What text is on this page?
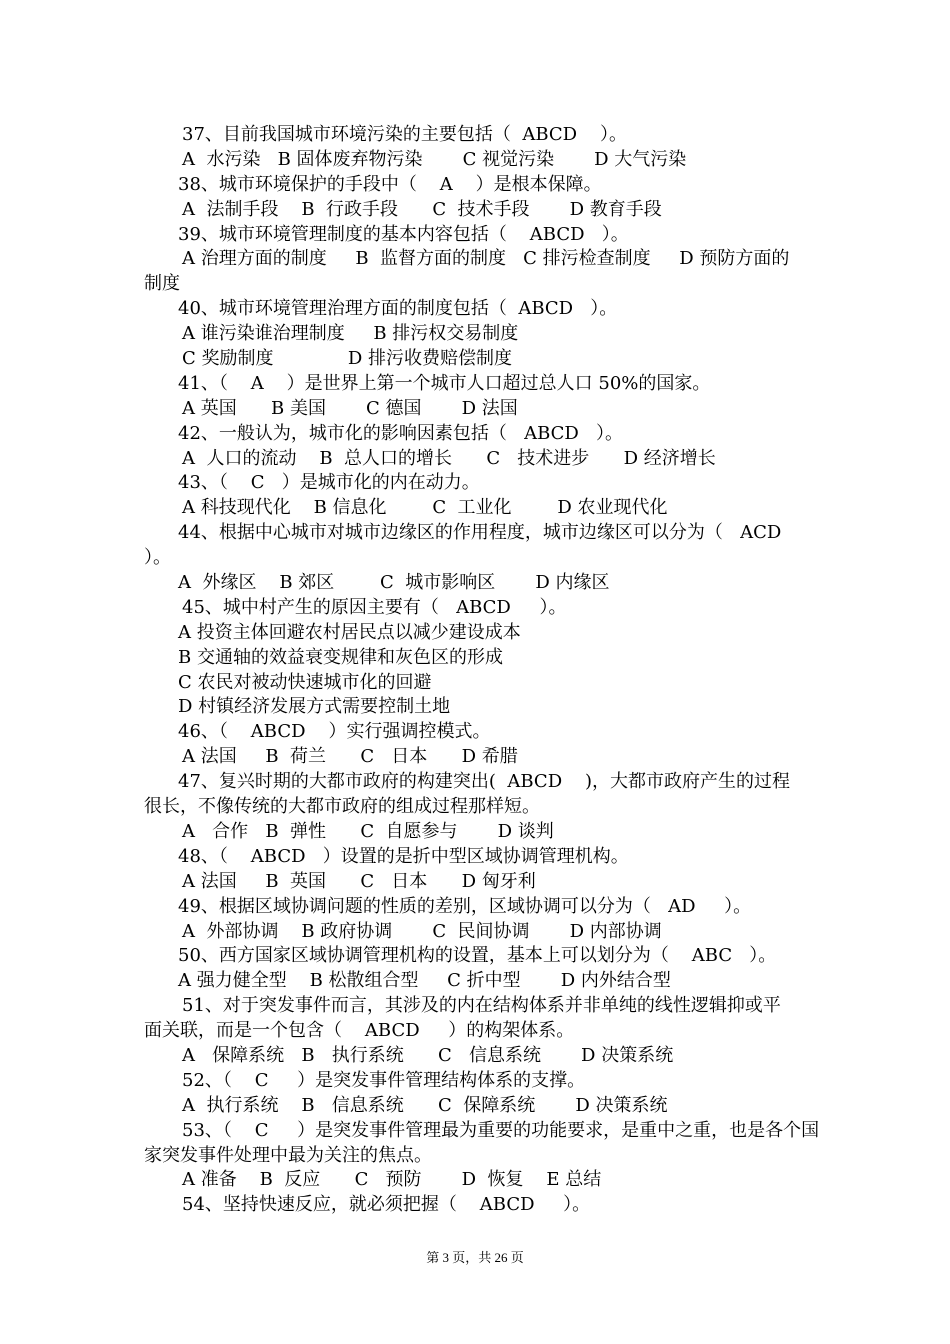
37、目前我国城市环境污染的主要包括（  ABCD    ）。
A  水污染   B 固体废弃物污染       C 视觉污染       D 大气污染
38、城市环境保护的手段中（    A    ）是根本保障。
A  法制手段    B  行政手段      C  技术手段       D 教育手段
39、城市环境管理制度的基本内容包括（    ABCD   ）。
A 治理方面的制度     B  监督方面的制度   C 排污检查制度     D 预防方面的
制度
40、城市环境管理治理方面的制度包括（  ABCD   ）。
A 谁污染谁治理制度     B 排污权交易制度
C 奖励制度             D 排污收费赔偿制度
41、（    A    ）是世界上第一个城市人口超过总人口 50%的国家。
A 英国      B 美国       C 德国       D 法国
42、一般认为，城市化的影响因素包括（   ABCD   ）。
A  人口的流动    B  总人口的增长      C   技术进步      D 经济增长
43、（    C   ）是城市化的内在动力。
A 科技现代化    B 信息化        C  工业化        D 农业现代化
44、根据中心城市对城市边缘区的作用程度，城市边缘区可以分为（   ACD
）。
A  外缘区    B 郊区        C  城市影响区       D 内缘区
45、城中村产生的原因主要有（   ABCD     ）。
A 投资主体回避农村居民点以减少建设成本
B 交通轴的效益衰变规律和灰色区的形成
C 农民对被动快速城市化的回避
D 村镇经济发展方式需要控制土地
46、（    ABCD    ）实行强调控模式。
A 法国     B  荷兰      C   日本      D 希腊
47、复兴时期的大都市政府的构建突出(  ABCD    )，大都市政府产生的过程
很长，不像传统的大都市政府的组成过程那样短。
A   合作   B  弹性      C  自愿参与       D 谈判
48、（    ABCD   ）设置的是折中型区域协调管理机构。
A 法国     B  英国      C   日本      D 匈牙利
49、根据区域协调问题的性质的差别，区域协调可以分为（   AD     ）。
A  外部协调    B 政府协调       C  民间协调       D 内部协调
50、西方国家区域协调管理机构的设置，基本上可以划分为（    ABC   ）。
A 强力健全型    B 松散组合型     C 折中型       D 内外结合型
51、对于突发事件而言，其涉及的内在结构体系并非单纯的线性逻辑抑或平
面关联，而是一个包含（    ABCD     ）的构架体系。
A   保障系统   B   执行系统      C   信息系统       D 决策系统
52、（    C     ）是突发事件管理结构体系的支撑。
A  执行系统    B   信息系统      C  保障系统       D 决策系统
53、（    C     ）是突发事件管理最为重要的功能要求，是重中之重，也是各个国
家突发事件处理中最为关注的焦点。
A 准备    B  反应      C   预防       D  恢复    E 总结
54、坚持快速反应，就必须把握（    ABCD     ）。
第 3 页，共 26 页
